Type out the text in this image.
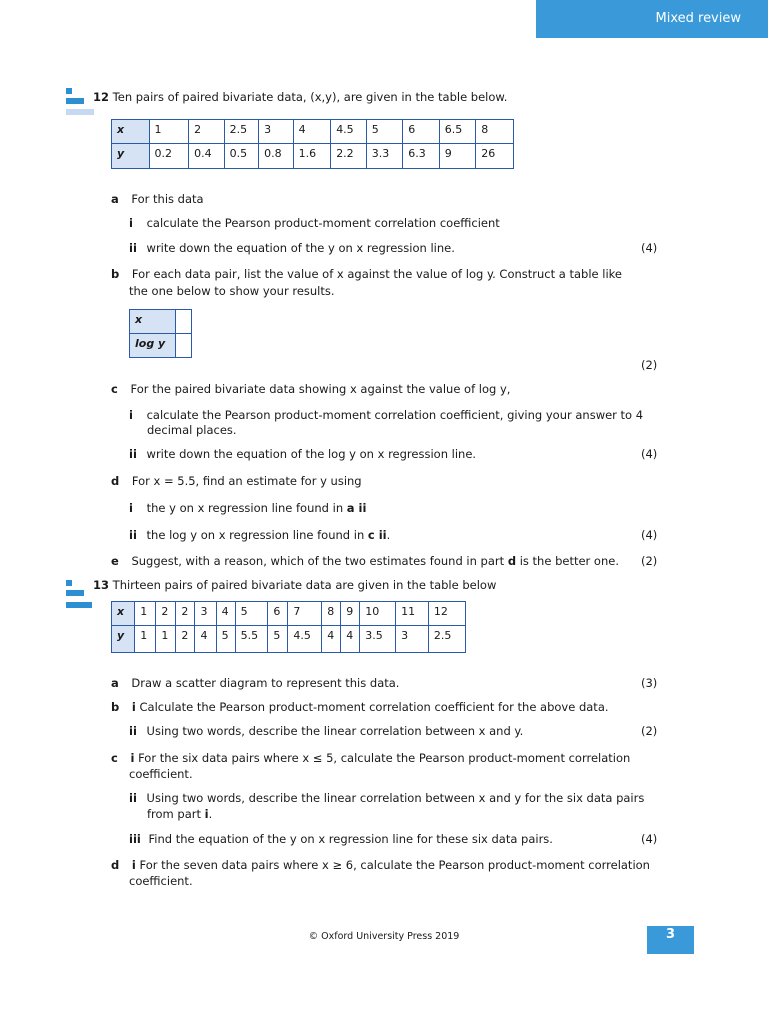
Mixed review
12 Ten pairs of paired bivariate data, (x,y), are given in the table below.
x	1	2	2.5	3	4	4.5	5	6	6.5	8
y	0.2	0.4	0.5	0.8	1.6	2.2	3.3	6.3	9	26
a For this data
i calculate the Pearson product-moment correlation coefficient
ii write down the equation of the y on x regression line.	(4)
b For each data pair, list the value of x against the value of log y. Construct a table like
the one below to show your results.
x	
log y	
(2)
c For the paired bivariate data showing x against the value of log y,
i calculate the Pearson product-moment correlation coefficient, giving your answer to 4
decimal places.
ii write down the equation of the log y on x regression line.	(4)
d For x = 5.5, find an estimate for y using
i the y on x regression line found in a ii
ii the log y on x regression line found in c ii.	(4)
e Suggest, with a reason, which of the two estimates found in part d is the better one. (2)
13 Thirteen pairs of paired bivariate data are given in the table below
x	1	2	2	3	4	5	6	7	8	9	10	11	12
y	1	1	2	4	5	5.5	5	4.5	4	4	3.5	3	2.5
a Draw a scatter diagram to represent this data.	(3)
b i Calculate the Pearson product-moment correlation coefficient for the above data.
ii Using two words, describe the linear correlation between x and y.	(2)
c i For the six data pairs where x ≤ 5, calculate the Pearson product-moment correlation
coefficient.
ii Using two words, describe the linear correlation between x and y for the six data pairs
from part i.
iii Find the equation of the y on x regression line for these six data pairs.	(4)
d i For the seven data pairs where x ≥ 6, calculate the Pearson product-moment correlation
coefficient.
© Oxford University Press 2019	3
